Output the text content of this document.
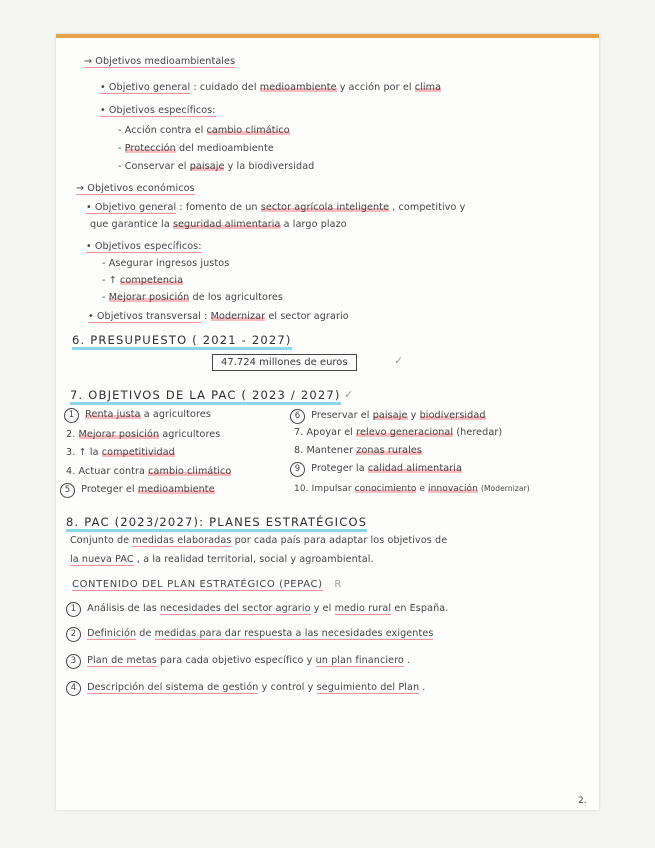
→ Objetivos medioambientales
• Objetivo general : cuidado del medioambiente y acción por el clima
• Objetivos específicos:
- Acción contra el cambio climático
- Protección del medioambiente
- Conservar el paisaje y la biodiversidad
→ Objetivos económicos
• Objetivo general : fomento de un sector agrícola inteligente , competitivo y
que garantice la seguridad alimentaria a largo plazo
• Objetivos específicos:
- Asegurar ingresos justos
- ↑ competencia
- Mejorar posición de los agricultores
• Objetivos transversal : Modernizar el sector agrario
6. PRESUPUESTO ( 2021 - 2027)
47.724 millones de euros	✓
7. OBJETIVOS DE LA PAC ( 2023 / 2027) ✓
1 Renta justa a agricultores
2. Mejorar posición agricultores
3. ↑ la competitividad
4. Actuar contra cambio climático
5 Proteger el medioambiente
6 Preservar el paisaje y biodiversidad
7. Apoyar el relevo generacional (heredar)
8. Mantener zonas rurales
9 Proteger la calidad alimentaria
10. Impulsar conocimiento e innovación (Modernizar)
8. PAC (2023/2027): PLANES ESTRATÉGICOS
Conjunto de medidas elaboradas por cada país para adaptar los objetivos de
la nueva PAC , a la realidad territorial, social y agroambiental.
CONTENIDO DEL PLAN ESTRATÉGICO (PEPAC) R
1 Análisis de las necesidades del sector agrario y el medio rural en España.
2 Definición de medidas para dar respuesta a las necesidades exigentes
3 Plan de metas para cada objetivo específico y un plan financiero .
4 Descripción del sistema de gestión y control y seguimiento del Plan .
2.
